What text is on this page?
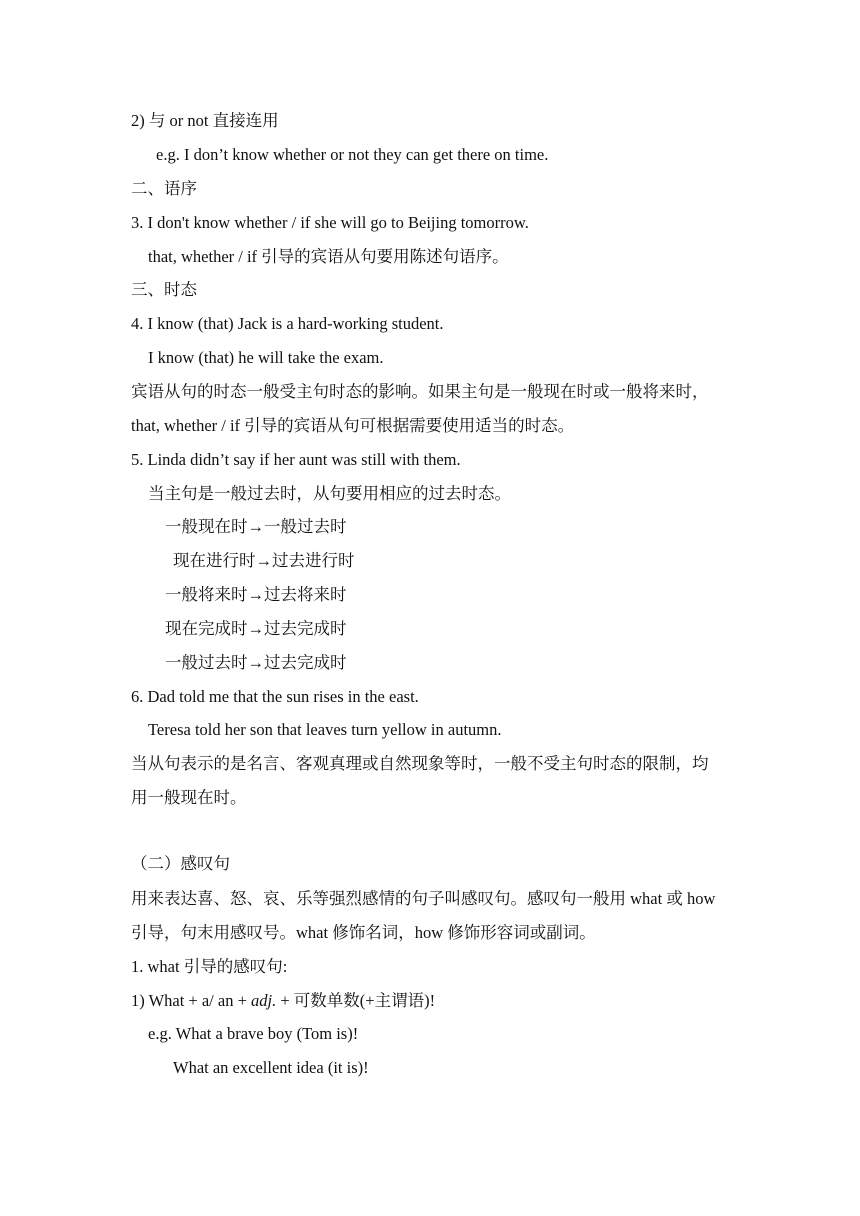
2) 与 or not 直接连用
e.g. I don’t know whether or not they can get there on time.
二、语序
3. I don't know whether / if she will go to Beijing tomorrow.
that, whether / if 引导的宾语从句要用陈述句语序。
三、时态
4. I know (that) Jack is a hard-working student.
I know (that) he will take the exam.
宾语从句的时态一般受主句时态的影响。如果主句是一般现在时或一般将来时，
that, whether / if 引导的宾语从句可根据需要使用适当的时态。
5. Linda didn’t say if her aunt was still with them.
当主句是一般过去时，从句要用相应的过去时态。
一般现在时→一般过去时
现在进行时→过去进行时
一般将来时→过去将来时
现在完成时→过去完成时
一般过去时→过去完成时
6. Dad told me that the sun rises in the east.
Teresa told her son that leaves turn yellow in autumn.
当从句表示的是名言、客观真理或自然现象等时，一般不受主句时态的限制，均
用一般现在时。
（二）感叹句
用来表达喜、怒、哀、乐等强烈感情的句子叫感叹句。感叹句一般用 what 或 how
引导，句末用感叹号。what 修饰名词，how 修饰形容词或副词。
1. what 引导的感叹句:
1) What + a/ an + adj. + 可数单数(+主谓语)!
e.g. What a brave boy (Tom is)!
What an excellent idea (it is)!
